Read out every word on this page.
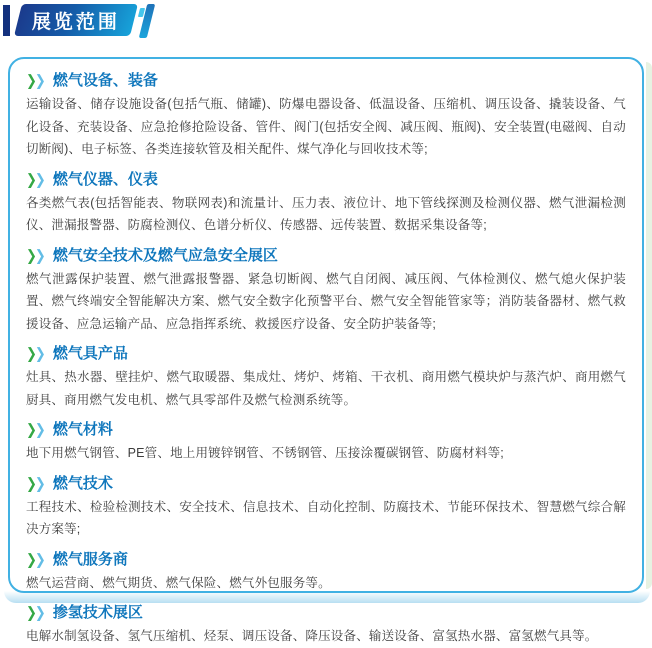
展览范围
❯
❯ 燃气设备、装备
运输设备、储存设施设备(包括气瓶、储罐)、防爆电器设备、低温设备、压缩机、调压设备、撬装设备、气化设备、充装设备、应急抢修抢险设备、管件、阀门(包括安全阀、减压阀、瓶阀)、安全装置(电磁阀、自动切断阀)、电子标签、各类连接软管及相关配件、煤气净化与回收技术等;
❯
❯ 燃气仪器、仪表
各类燃气表(包括智能表、物联网表)和流量计、压力表、液位计、地下管线探测及检测仪器、燃气泄漏检测仪、泄漏报警器、防腐检测仪、色谱分析仪、传感器、远传装置、数据采集设备等;
❯
❯ 燃气安全技术及燃气应急安全展区
燃气泄露保护装置、燃气泄露报警器、紧急切断阀、燃气自闭阀、减压阀、气体检测仪、燃气熄火保护装置、燃气终端安全智能解决方案、燃气安全数字化预警平台、燃气安全智能管家等；消防装备器材、燃气救援设备、应急运输产品、应急指挥系统、救援医疗设备、安全防护装备等;
❯
❯ 燃气具产品
灶具、热水器、壁挂炉、燃气取暖器、集成灶、烤炉、烤箱、干衣机、商用燃气模块炉与蒸汽炉、商用燃气厨具、商用燃气发电机、燃气具零部件及燃气检测系统等。
❯
❯ 燃气材料
地下用燃气钢管、PE管、地上用镀锌钢管、不锈钢管、压接涂覆碳钢管、防腐材料等;
❯
❯ 燃气技术
工程技术、检验检测技术、安全技术、信息技术、自动化控制、防腐技术、节能环保技术、智慧燃气综合解决方案等;
❯
❯ 燃气服务商
燃气运营商、燃气期货、燃气保险、燃气外包服务等。
❯
❯ 掺氢技术展区
电解水制氢设备、氢气压缩机、烃泵、调压设备、降压设备、输送设备、富氢热水器、富氢燃气具等。
